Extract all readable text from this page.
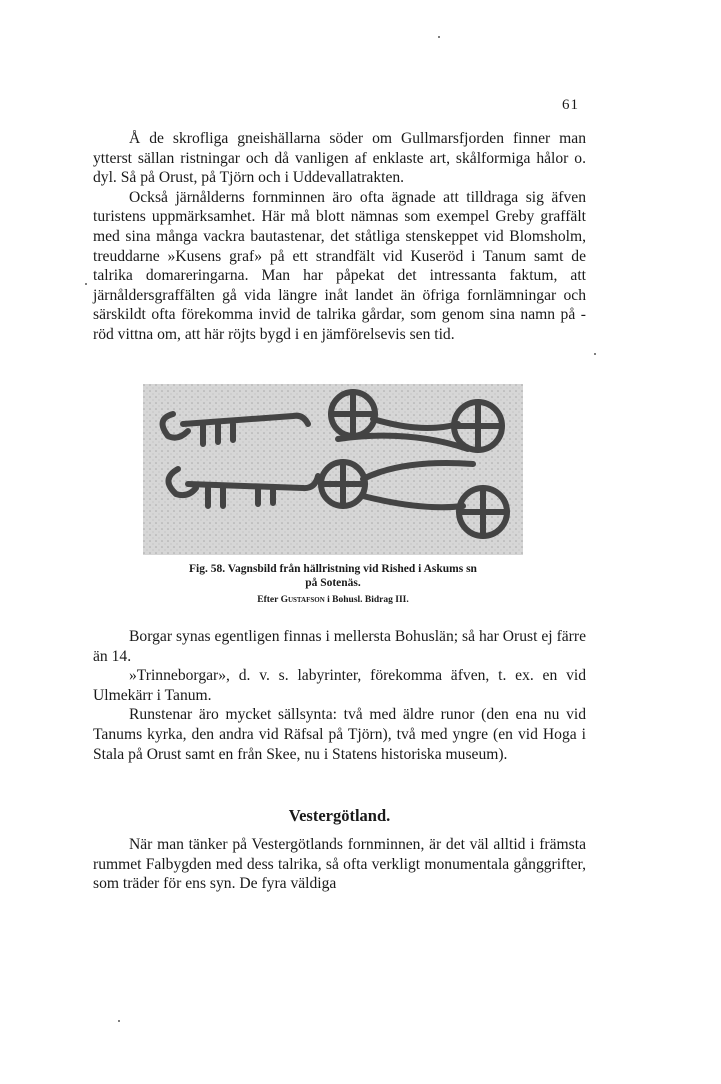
61

Å de skrofliga gneishällarna söder om Gullmarsfjorden finner man ytterst sällan ristningar och då vanligen af enklaste art, skålformiga hålor o. dyl. Så på Orust, på Tjörn och i Uddevallatrakten.

Också järnålderns fornminnen äro ofta ägnade att tilldraga sig äfven turistens uppmärksamhet. Här må blott nämnas som exempel Greby graffält med sina många vackra bautastenar, det ståtliga stenskeppet vid Blomsholm, treuddarne »Kusens graf» på ett strandfält vid Kuseröd i Tanum samt de talrika domareringarna. Man har påpekat det intressanta faktum, att järnåldersgraffälten gå vida längre inåt landet än öfriga fornlämningar och särskildt ofta förekomma invid de talrika gårdar, som genom sina namn på -röd vittna om, att här röjts bygd i en jämförelsevis sen tid.

Fig. 58. Vagnsbild från hällristning vid Rished i Askums sn
på Sotenäs.
Efter Gustafson i Bohusl. Bidrag III.

Borgar synas egentligen finnas i mellersta Bohuslän; så har Orust ej färre än 14.

»Trinneborgar», d. v. s. labyrinter, förekomma äfven, t. ex. en vid Ulmekärr i Tanum.

Runstenar äro mycket sällsynta: två med äldre runor (den ena nu vid Tanums kyrka, den andra vid Räfsal på Tjörn), två med yngre (en vid Hoga i Stala på Orust samt en från Skee, nu i Statens historiska museum).

Vestergötland.

När man tänker på Vestergötlands fornminnen, är det väl alltid i främsta rummet Falbygden med dess talrika, så ofta verkligt monumentala gånggrifter, som träder för ens syn. De fyra väldiga
